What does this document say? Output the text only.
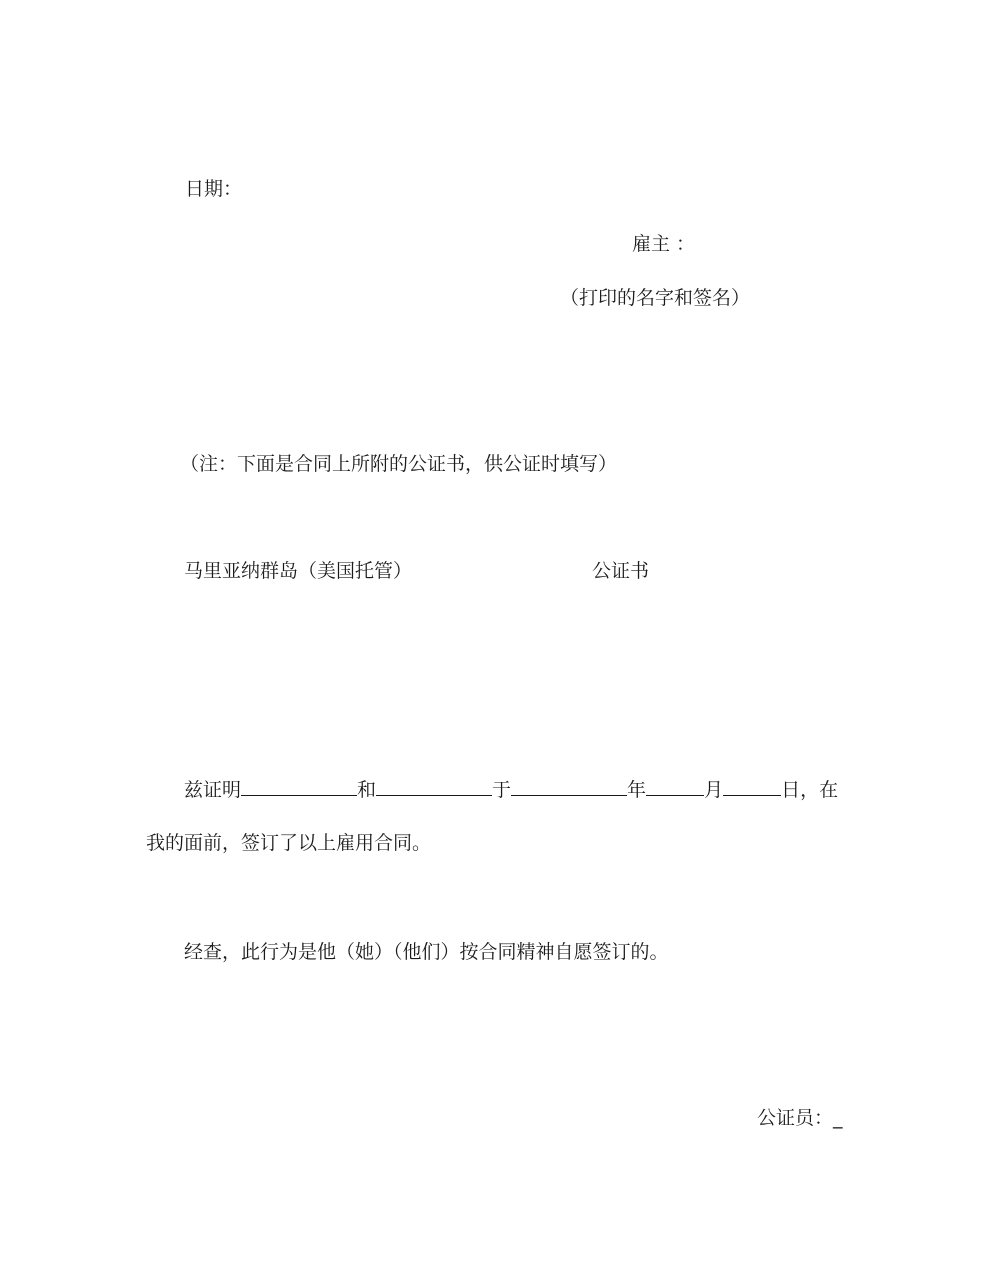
日期：
雇主 ：
（打印的名字和签名）
（注：下面是合同上所附的公证书，供公证时填写）
马里亚纳群岛（美国托管）	公证书
兹证明	和	于	年	月	日，在
我的面前，签订了以上雇用合同。
经查，此行为是他（她）（他们）按合同精神自愿签订的。
公证员：_
